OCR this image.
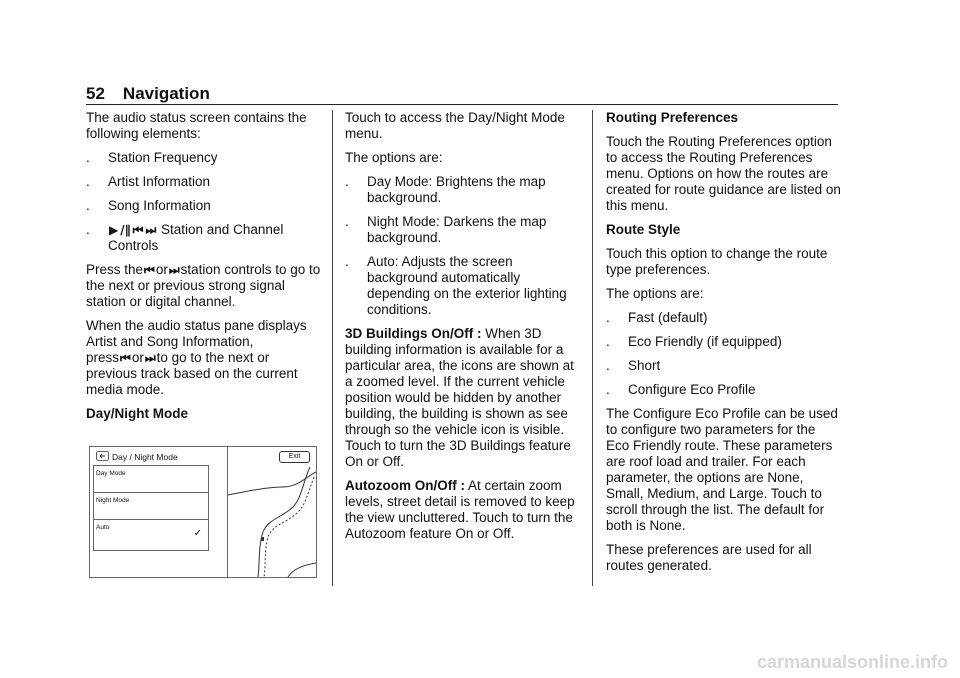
52 Navigation

The audio status screen contains the following elements:

.	Station Frequency
.	Artist Information
.	Song Information
.	▶ /∥ ⏮ ⏭ Station and Channel Controls

Press the⏮or⏭station controls to go to the next or previous strong signal station or digital channel.

When the audio status pane displays Artist and Song Information, press⏮or⏭to go to the next or previous track based on the current media mode.

Day/Night Mode

Day / Night Mode	Exit
Day Mode
Night Mode
Auto
✓

Touch to access the Day/Night Mode menu.

The options are:

.	Day Mode: Brightens the map background.
.	Night Mode: Darkens the map background.
.	Auto: Adjusts the screen background automatically depending on the exterior lighting conditions.

3D Buildings On/Off : When 3D building information is available for a particular area, the icons are shown at a zoomed level. If the current vehicle position would be hidden by another building, the building is shown as see through so the vehicle icon is visible. Touch to turn the 3D Buildings feature On or Off.

Autozoom On/Off : At certain zoom levels, street detail is removed to keep the view uncluttered. Touch to turn the Autozoom feature On or Off.

Routing Preferences

Touch the Routing Preferences option to access the Routing Preferences menu. Options on how the routes are created for route guidance are listed on this menu.

Route Style

Touch this option to change the route type preferences.

The options are:

.	Fast (default)
.	Eco Friendly (if equipped)
.	Short
.	Configure Eco Profile

The Configure Eco Profile can be used to configure two parameters for the Eco Friendly route. These parameters are roof load and trailer. For each parameter, the options are None, Small, Medium, and Large. Touch to scroll through the list. The default for both is None.

These preferences are used for all routes generated.

carmanualsonline.info
